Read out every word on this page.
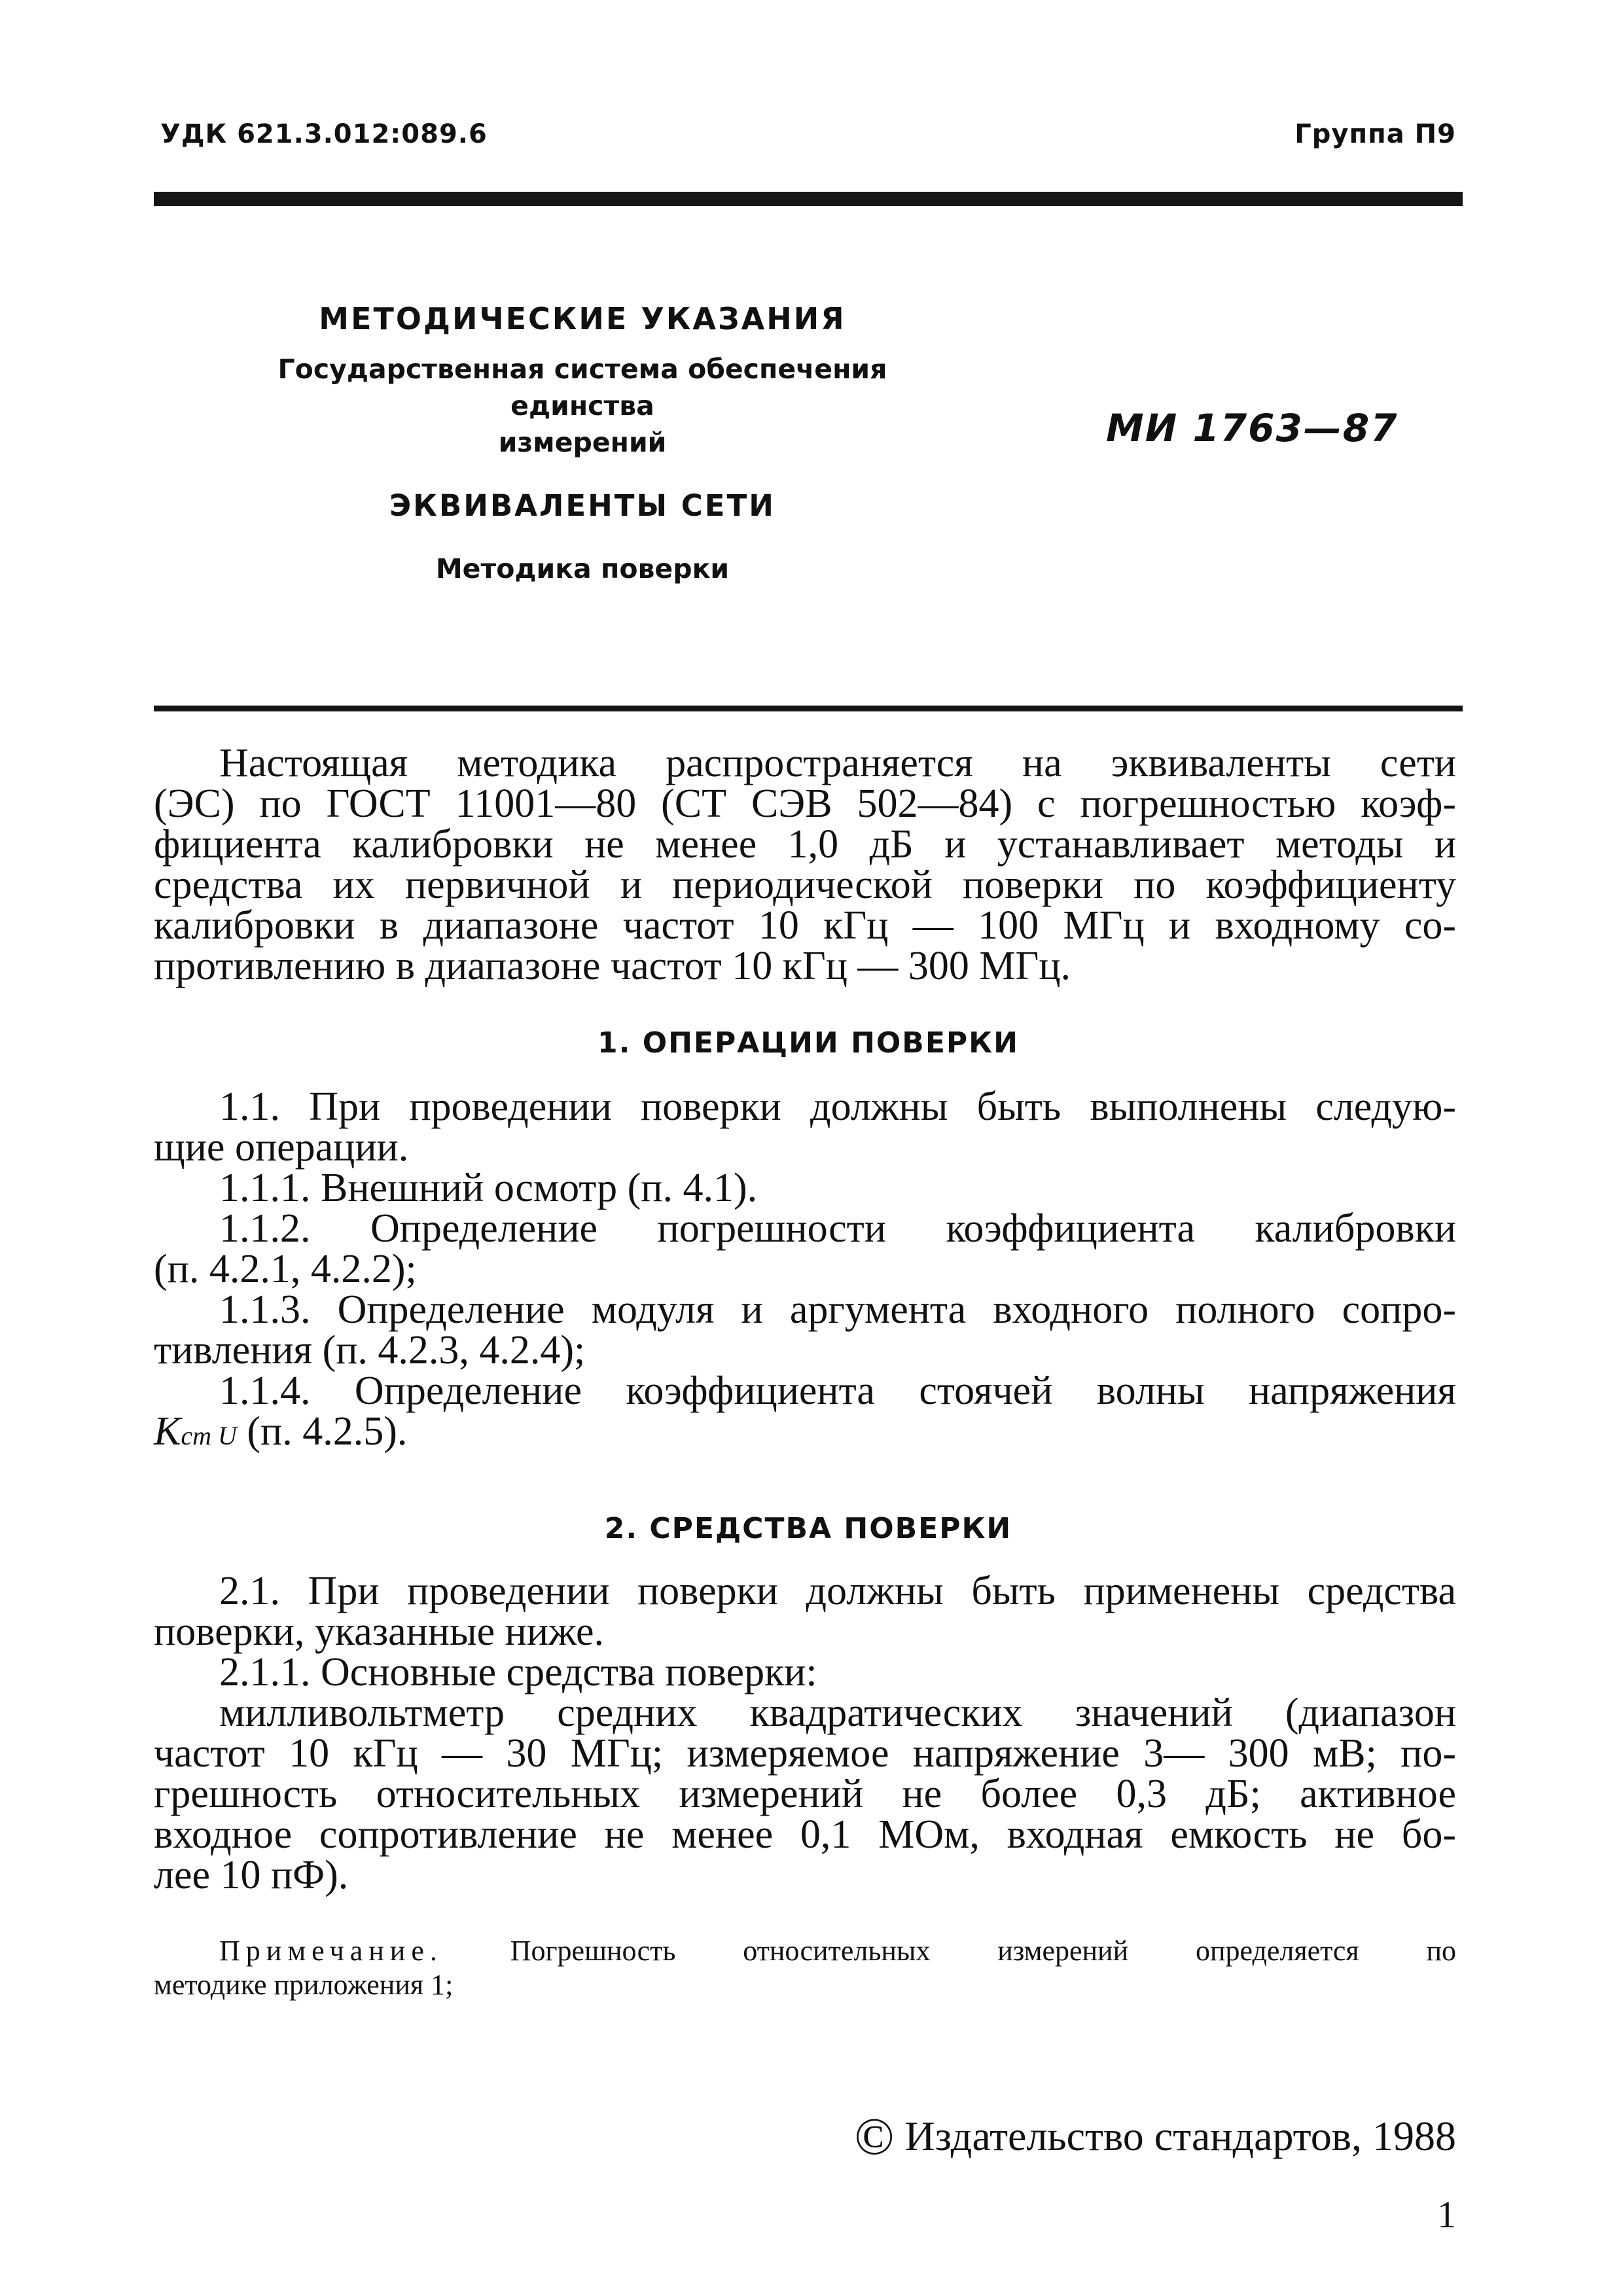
УДК 621.3.012:089.6	Группа П9
МЕТОДИЧЕСКИЕ УКАЗАНИЯ
Государственная система обеспечения единства
измерений
ЭКВИВАЛЕНТЫ СЕТИ
Методика поверки
МИ 1763—87
Настоящая методика распространяется на эквиваленты сети
(ЭС) по ГОСТ 11001—80 (СТ СЭВ 502—84) с погрешностью коэф-
фициента калибровки не менее 1,0 дБ и устанавливает методы и
средства их первичной и периодической поверки по коэффициенту
калибровки в диапазоне частот 10 кГц — 100 МГц и входному со-
противлению в диапазоне частот 10 кГц — 300 МГц.
1. ОПЕРАЦИИ ПОВЕРКИ
1.1. При проведении поверки должны быть выполнены следую-
щие операции.
1.1.1. Внешний осмотр (п. 4.1).
1.1.2. Определение погрешности коэффициента калибровки
(п. 4.2.1, 4.2.2);
1.1.3. Определение модуля и аргумента входного полного сопро-
тивления (п. 4.2.3, 4.2.4);
1.1.4. Определение коэффициента стоячей волны напряжения
Kст U (п. 4.2.5).
2. СРЕДСТВА ПОВЕРКИ
2.1. При проведении поверки должны быть применены средства
поверки, указанные ниже.
2.1.1. Основные средства поверки:
милливольтметр средних квадратических значений (диапазон
частот 10 кГц — 30 МГц; измеряемое напряжение 3— 300 мВ; по-
грешность относительных измерений не более 0,3 дБ; активное
входное сопротивление не менее 0,1 МОм, входная емкость не бо-
лее 10 пФ).
Примечание. Погрешность относительных измерений определяется по
методике приложения 1;
© Издательство стандартов, 1988
1
